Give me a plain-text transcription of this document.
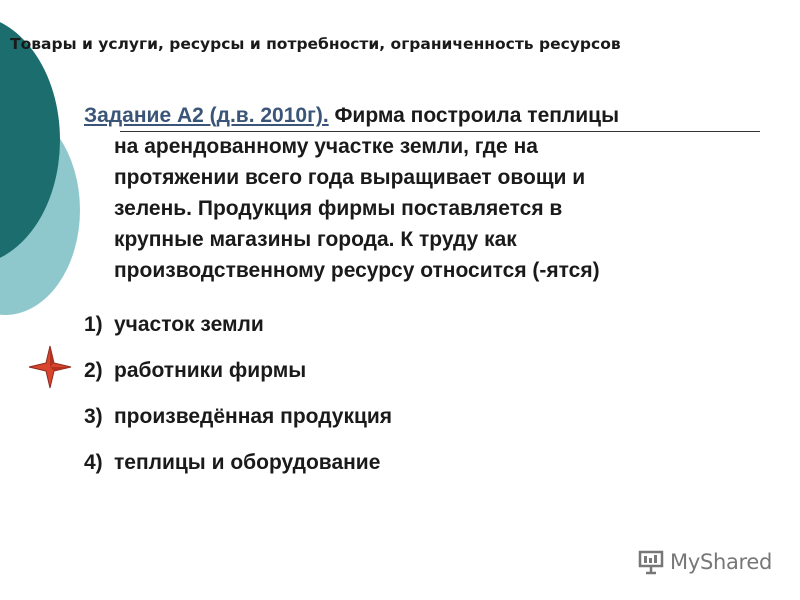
Товары и услуги, ресурсы и потребности, ограниченность ресурсов
Задание А2 (д.в. 2010г). Фирма построила теплицы
на арендованному участке земли, где на
протяжении всего года выращивает овощи и
зелень. Продукция фирмы поставляется в
крупные магазины города. К труду как
производственному ресурсу относится (-ятся)
1) участок земли
2) работники фирмы
3) произведённая продукция
4) теплицы и оборудование
MyShared
